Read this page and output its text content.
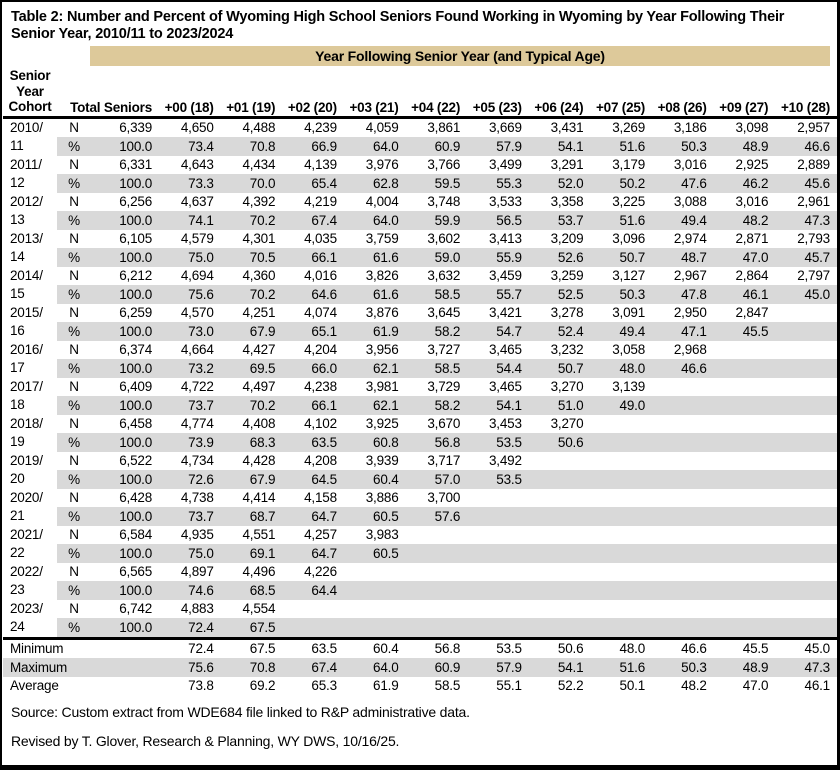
Table 2: Number and Percent of Wyoming High School Seniors Found Working in Wyoming by Year Following Their Senior Year, 2010/11 to 2023/2024
Year Following Senior Year (and Typical Age)
Senior
Year
Cohort	Total Seniors		+00 (18)	+01 (19)	+02 (20)	+03 (21)	+04 (22)	+05 (23)	+06 (24)	+07 (25)	+08 (26)	+09 (27)	+10 (28)

2010/
11	N	6,339	4,650	4,488	4,239	4,059	3,861	3,669	3,431	3,269	3,186	3,098	2,957
	%	100.0	73.4	70.8	66.9	64.0	60.9	57.9	54.1	51.6	50.3	48.9	46.6

2011/
12	N	6,331	4,643	4,434	4,139	3,976	3,766	3,499	3,291	3,179	3,016	2,925	2,889
	%	100.0	73.3	70.0	65.4	62.8	59.5	55.3	52.0	50.2	47.6	46.2	45.6

2012/
13	N	6,256	4,637	4,392	4,219	4,004	3,748	3,533	3,358	3,225	3,088	3,016	2,961
	%	100.0	74.1	70.2	67.4	64.0	59.9	56.5	53.7	51.6	49.4	48.2	47.3

2013/
14	N	6,105	4,579	4,301	4,035	3,759	3,602	3,413	3,209	3,096	2,974	2,871	2,793
	%	100.0	75.0	70.5	66.1	61.6	59.0	55.9	52.6	50.7	48.7	47.0	45.7

2014/
15	N	6,212	4,694	4,360	4,016	3,826	3,632	3,459	3,259	3,127	2,967	2,864	2,797
	%	100.0	75.6	70.2	64.6	61.6	58.5	55.7	52.5	50.3	47.8	46.1	45.0

2015/
16	N	6,259	4,570	4,251	4,074	3,876	3,645	3,421	3,278	3,091	2,950	2,847	
	%	100.0	73.0	67.9	65.1	61.9	58.2	54.7	52.4	49.4	47.1	45.5	

2016/
17	N	6,374	4,664	4,427	4,204	3,956	3,727	3,465	3,232	3,058	2,968		
	%	100.0	73.2	69.5	66.0	62.1	58.5	54.4	50.7	48.0	46.6		

2017/
18	N	6,409	4,722	4,497	4,238	3,981	3,729	3,465	3,270	3,139			
	%	100.0	73.7	70.2	66.1	62.1	58.2	54.1	51.0	49.0			

2018/
19	N	6,458	4,774	4,408	4,102	3,925	3,670	3,453	3,270				
	%	100.0	73.9	68.3	63.5	60.8	56.8	53.5	50.6				

2019/
20	N	6,522	4,734	4,428	4,208	3,939	3,717	3,492					
	%	100.0	72.6	67.9	64.5	60.4	57.0	53.5					

2020/
21	N	6,428	4,738	4,414	4,158	3,886	3,700						
	%	100.0	73.7	68.7	64.7	60.5	57.6						

2021/
22	N	6,584	4,935	4,551	4,257	3,983							
	%	100.0	75.0	69.1	64.7	60.5							

2022/
23	N	6,565	4,897	4,496	4,226								
	%	100.0	74.6	68.5	64.4								

2023/
24	N	6,742	4,883	4,554									
	%	100.0	72.4	67.5									
Minimum			72.4	67.5	63.5	60.4	56.8	53.5	50.6	48.0	46.6	45.5	45.0
Maximum			75.6	70.8	67.4	64.0	60.9	57.9	54.1	51.6	50.3	48.9	47.3
Average			73.8	69.2	65.3	61.9	58.5	55.1	52.2	50.1	48.2	47.0	46.1
Source: Custom extract from WDE684 file linked to R&P administrative data.
Revised by T. Glover, Research & Planning, WY DWS, 10/16/25.
